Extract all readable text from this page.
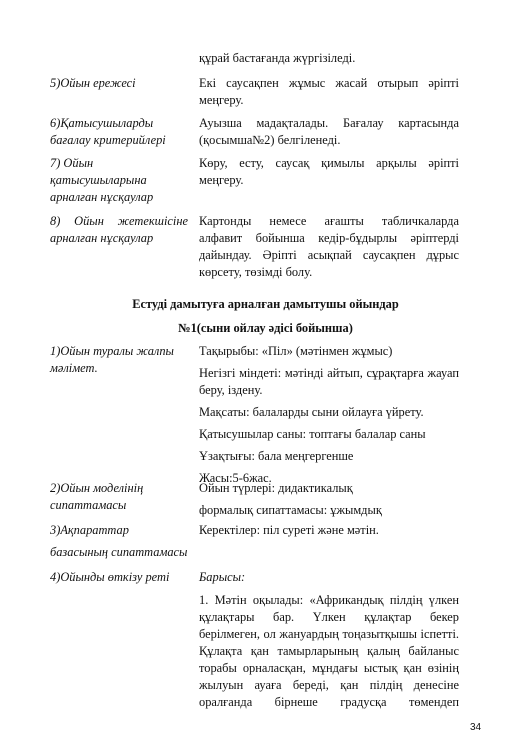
құрай бастағанда жүргізіледі.
5)Ойын ережесі	Екі саусақпен жұмыс жасай отырып әріпті меңгеру.
6)Қатысушыларды бағалау критерийлері
Ауызша мадақталады. Бағалау картасында (қосымша№2) белгіленеді.
7) Ойын қатысушыларына арналған нұсқаулар
Көру, есту, саусақ қимылы арқылы әріпті меңгеру.
8) Ойын жетекшісіне арналған нұсқаулар
Картонды немесе ағашты табличкаларда алфавит бойынша кедір-бұдырлы әріптерді дайындау. Әріпті асықпай саусақпен дұрыс көрсету, төзімді болу.
Естуді дамытуға арналған дамытушы ойындар
№1(сыни ойлау әдісі бойынша)
1)Ойын туралы жалпы мәлімет.

Тақырыбы: «Піл» (мәтінмен жұмыс)

Негізгі міндеті: мәтінді айтып, сұрақтарға жауап беру, іздену.

Мақсаты: балаларды сыни ойлауға үйрету.

Қатысушылар саны: топтағы балалар саны

Ұзақтығы: бала меңгергенше

Жасы:5-6жас.

2)Ойын моделінің сипаттамасы

Ойын түрлері: дидактикалық

формалық сипаттамасы: ұжымдық

3)Ақпараттар

базасының сипаттамасы

Керектілер: піл суреті және мәтін.
4)Ойынды өткізу реті	Барысы:

1. Мәтін оқылады: «Африкандық пілдің үлкен құлақтары бар. Үлкен құлақтар бекер берілмеген, ол жануардың тоңазытқышы іспетті. Құлақта қан тамырларының қалың байланыс торабы орналасқан, мұндағы ыстық қан өзінің жылуын ауаға береді, қан пілдің денесіне оралғанда бірнеше градусқа төмендеп

34
